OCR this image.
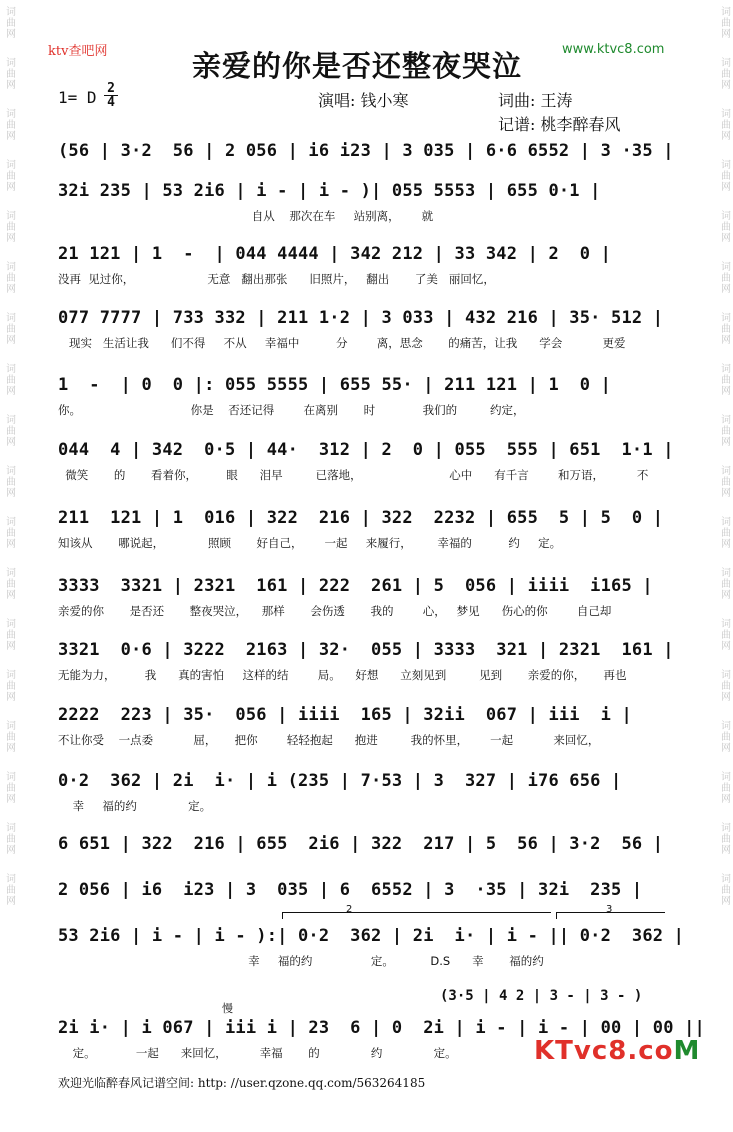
词曲网
词曲网
词曲网
词曲网
词曲网
词曲网
词曲网
词曲网
词曲网
词曲网
词曲网
词曲网
词曲网
词曲网
词曲网
词曲网
词曲网
词曲网
词曲网
词曲网
词曲网
词曲网
词曲网
词曲网
词曲网
词曲网
词曲网
词曲网
词曲网
词曲网
词曲网
词曲网
词曲网
词曲网
词曲网
词曲网
ktv查吧网	亲爱的你是否还整夜哭泣	www.ktvc8.com
1= D 2
4	演唱: 钱小寒	词曲: 王涛
记谱: 桃李醉春风
(56 | 3·2  56 | 2 056 | i6 i23 | 3 035 | 6·6 6552 | 3 ·35 |
32i 235 | 53 2i6 | i - | i - )| 055 5553 | 655 0·1 |
自从    那次在车     站别离，      就
21 121 | 1  -  | 044 4444 | 342 212 | 33 342 | 2  0 |
没再  见过你，                    无意   翻出那张      旧照片，   翻出       了美   丽回忆，
077 7777 | 733 332 | 211 1·2 | 3 033 | 432 216 | 35· 512 |
现实   生活让我      们不得     不从     幸福中          分        离，思念       的痛苦，让我      学会           更爱
1  -  | 0  0 |: 055 5555 | 655 55· | 211 121 | 1  0 |
你。                              你是    否还记得        在离别       时             我们的         约定，
044  4 | 342  0·5 | 44·  312 | 2  0 | 055  555 | 651  1·1 |
微笑       的       看着你，        眼      泪早         已落地，                        心中      有千言        和万语，         不
211  121 | 1  016 | 322  216 | 322  2232 | 655  5 | 5  0 |
知该从       哪说起，            照顾       好自己，      一起     来履行，       幸福的          约     定。
3333  3321 | 2321  161 | 222  261 | 5  056 | iiii  i165 |
亲爱的你       是否还       整夜哭泣，    那样       会伤透       我的        心，   梦见      伤心的你        自己却
3321  0·6 | 3222  2163 | 32·  055 | 3333  321 | 2321  161 |
无能为力，        我      真的害怕     这样的结        局。    好想      立刻见到         见到       亲爱的你，     再也
2222  223 | 35·  056 | iiii  165 | 32ii  067 | iii  i |
不让你受    一点委           屈，     把你        轻轻抱起      抱进         我的怀里，      一起           来回忆，
0·2  362 | 2i  i· | i (235 | 7·53 | 3  327 | i76 656 |
幸     福的约              定。
6 651 | 322  216 | 655  2i6 | 322  217 | 5  56 | 3·2  56 |
2 056 | i6  i23 | 3  035 | 6  6552 | 3  ·35 | 32i  235 |
2	3
53 2i6 | i - | i - ):| 0·2  362 | 2i  i· | i - || 0·2  362 |
幸     福的约                定。          D.S      幸       福的约
(3·5 | 4 2 | 3 - | 3 - )
慢
2i i· | i 067 | iii i | 23  6 | 0  2i | i - | i - | 00 | 00 ||
定。           一起      来回忆，         幸福       的              约              定。
欢迎光临醉春风记谱空间: http: //user.qzone.qq.com/563264185
KTvc8.coM
